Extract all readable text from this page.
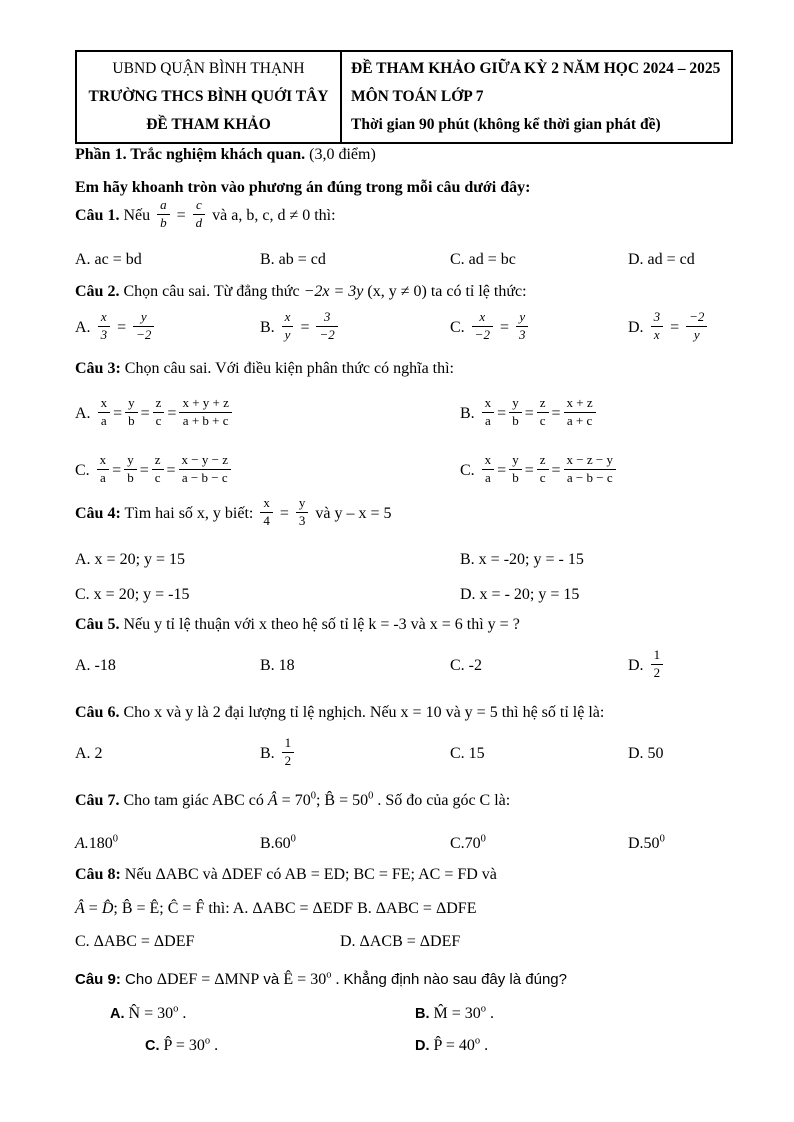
UBND QUẬN BÌNH THẠNH
TRƯỜNG THCS BÌNH QUỚI TÂY
ĐỀ THAM KHẢO
ĐỀ THAM KHẢO GIỮA KỲ 2 NĂM HỌC 2024 – 2025
MÔN TOÁN LỚP 7
Thời gian 90 phút (không kể thời gian phát đề)
Phần 1. Trắc nghiệm khách quan. (3,0 điểm)
Em hãy khoanh tròn vào phương án đúng trong mỗi câu dưới đây:
Câu 1. Nếu $\frac{a}{b} = \frac{c}{d}$ và a, b, c, d ≠ 0 thì:
A. ac = bd	B. ab = cd	C. ad = bc	D. ad = cd
Câu 2. Chọn câu sai. Từ đẳng thức −2x = 3y (x, y ≠ 0) ta có tỉ lệ thức:
A. $\frac{x}{3} = \frac{y}{-2}$	B. $\frac{x}{y} = \frac{3}{-2}$	C. $\frac{x}{-2} = \frac{y}{3}$	D. $\frac{3}{x} = \frac{-2}{y}$
Câu 3: Chọn câu sai. Với điều kiện phân thức có nghĩa thì:
A. $\frac{x}{a} = \frac{y}{b} = \frac{z}{c} = \frac{x + y + z}{a + b + c}$	B. $\frac{x}{a} = \frac{y}{b} = \frac{z}{c} = \frac{x + z}{a + c}$
C. $\frac{x}{a} = \frac{y}{b} = \frac{z}{c} = \frac{x - y - z}{a - b - c}$	C. $\frac{x}{a} = \frac{y}{b} = \frac{z}{c} = \frac{x - z - y}{a - b - c}$
Câu 4: Tìm hai số x, y biết: $\frac{x}{4} = \frac{y}{3}$ và y – x = 5
A. x = 20; y = 15	B. x = -20; y = - 15
C. x = 20; y = -15	D. x = - 20; y = 15
Câu 5. Nếu y tỉ lệ thuận với x theo hệ số tỉ lệ k = -3 và x = 6 thì y = ?
A. -18	B. 18	C. -2	D. $\frac{1}{2}$
Câu 6. Cho x và y là 2 đại lượng tỉ lệ nghịch. Nếu x = 10 và y = 5 thì hệ số tỉ lệ là:
A. 2	B. $\frac{1}{2}$	C. 15	D. 50
Câu 7. Cho tam giác ABC có Â = $70^0$; B̂ = $50^0$ . Số đo của góc C là:
A.180$^0$	$B.60^0$	$C.70^0$	$D.50^0$
Câu 8: Nếu ΔABC và ΔDEF có AB = ED; BC = FE; AC = FD và
Â = D̂; B̂ = Ê; Ĉ = F̂ thì: A. ΔABC = ΔEDF B. ΔABC = ΔDFE
C. ΔABC = ΔDEF	D. ΔACB = ΔDEF
Câu 9: Cho ΔDEF = ΔMNP và Ê = $30^o$ . Khẳng định nào sau đây là đúng?
A. N̂ = $30^o$ .	B. M̂ = $30^o$ .
C. P̂ = $30^o$ .	D. P̂ = $40^o$ .
